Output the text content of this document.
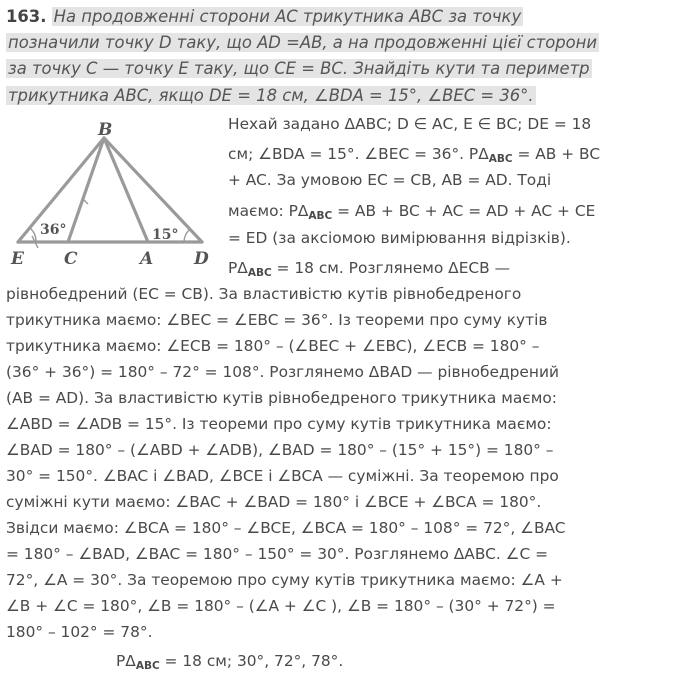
163. На продовженні сторони АС трикутника АВС за точку
позначили точку D таку, що AD =AB, а на продовженні цієї сторони
за точку С — точку Е таку, що СЕ = ВС. Знайдіть кути та периметр
трикутника АВС, якщо DE = 18 см, ∠BDA = 15°, ∠BEC = 36°.
B
E C	A D
36°	15°
Нехай задано ΔАВС; D ∈ АС, E ∈ ВС; DE = 18
см; ∠BDA = 15°. ∠BEC = 36°. PΔABC = AB + BC
+ AC. За умовою EC = CB, AB = AD. Тоді
маємо: PΔABC = AB + BC + AC = AD + AC + CE
= ED (за аксіомою вимірювання відрізків).
PΔABC = 18 см. Розглянемо ΔECB —
рівнобедрений (EC = CB). За властивістю кутів рівнобедреного
трикутника маємо: ∠BEC = ∠EBC = 36°. Із теореми про суму кутів
трикутника маємо: ∠ECB = 180° – (∠BEC + ∠EBC), ∠ECB = 180° –
(36° + 36°) = 180° – 72° = 108°. Розглянемо ΔBAD — рівнобедрений
(AB = AD). За властивістю кутів рівнобедреного трикутника маємо:
∠ABD = ∠ADB = 15°. Із теореми про суму кутів трикутника маємо:
∠BAD = 180° – (∠ABD + ∠ADB), ∠BAD = 180° – (15° + 15°) = 180° –
30° = 150°. ∠BAC і ∠BAD, ∠BCE і ∠BCA — суміжні. За теоремою про
суміжні кути маємо: ∠BAC + ∠BAD = 180° і ∠BCE + ∠BCA = 180°.
Звідси маємо: ∠BCA = 180° – ∠BCE, ∠BCA = 180° – 108° = 72°, ∠BAC
= 180° – ∠BAD, ∠BAC = 180° – 150° = 30°. Розглянемо ΔABC. ∠C =
72°, ∠A = 30°. За теоремою про суму кутів трикутника маємо: ∠A +
∠B + ∠C = 180°, ∠B = 180° – (∠A + ∠C ), ∠B = 180° – (30° + 72°) =
180° – 102° = 78°.
PΔABC = 18 см; 30°, 72°, 78°.
